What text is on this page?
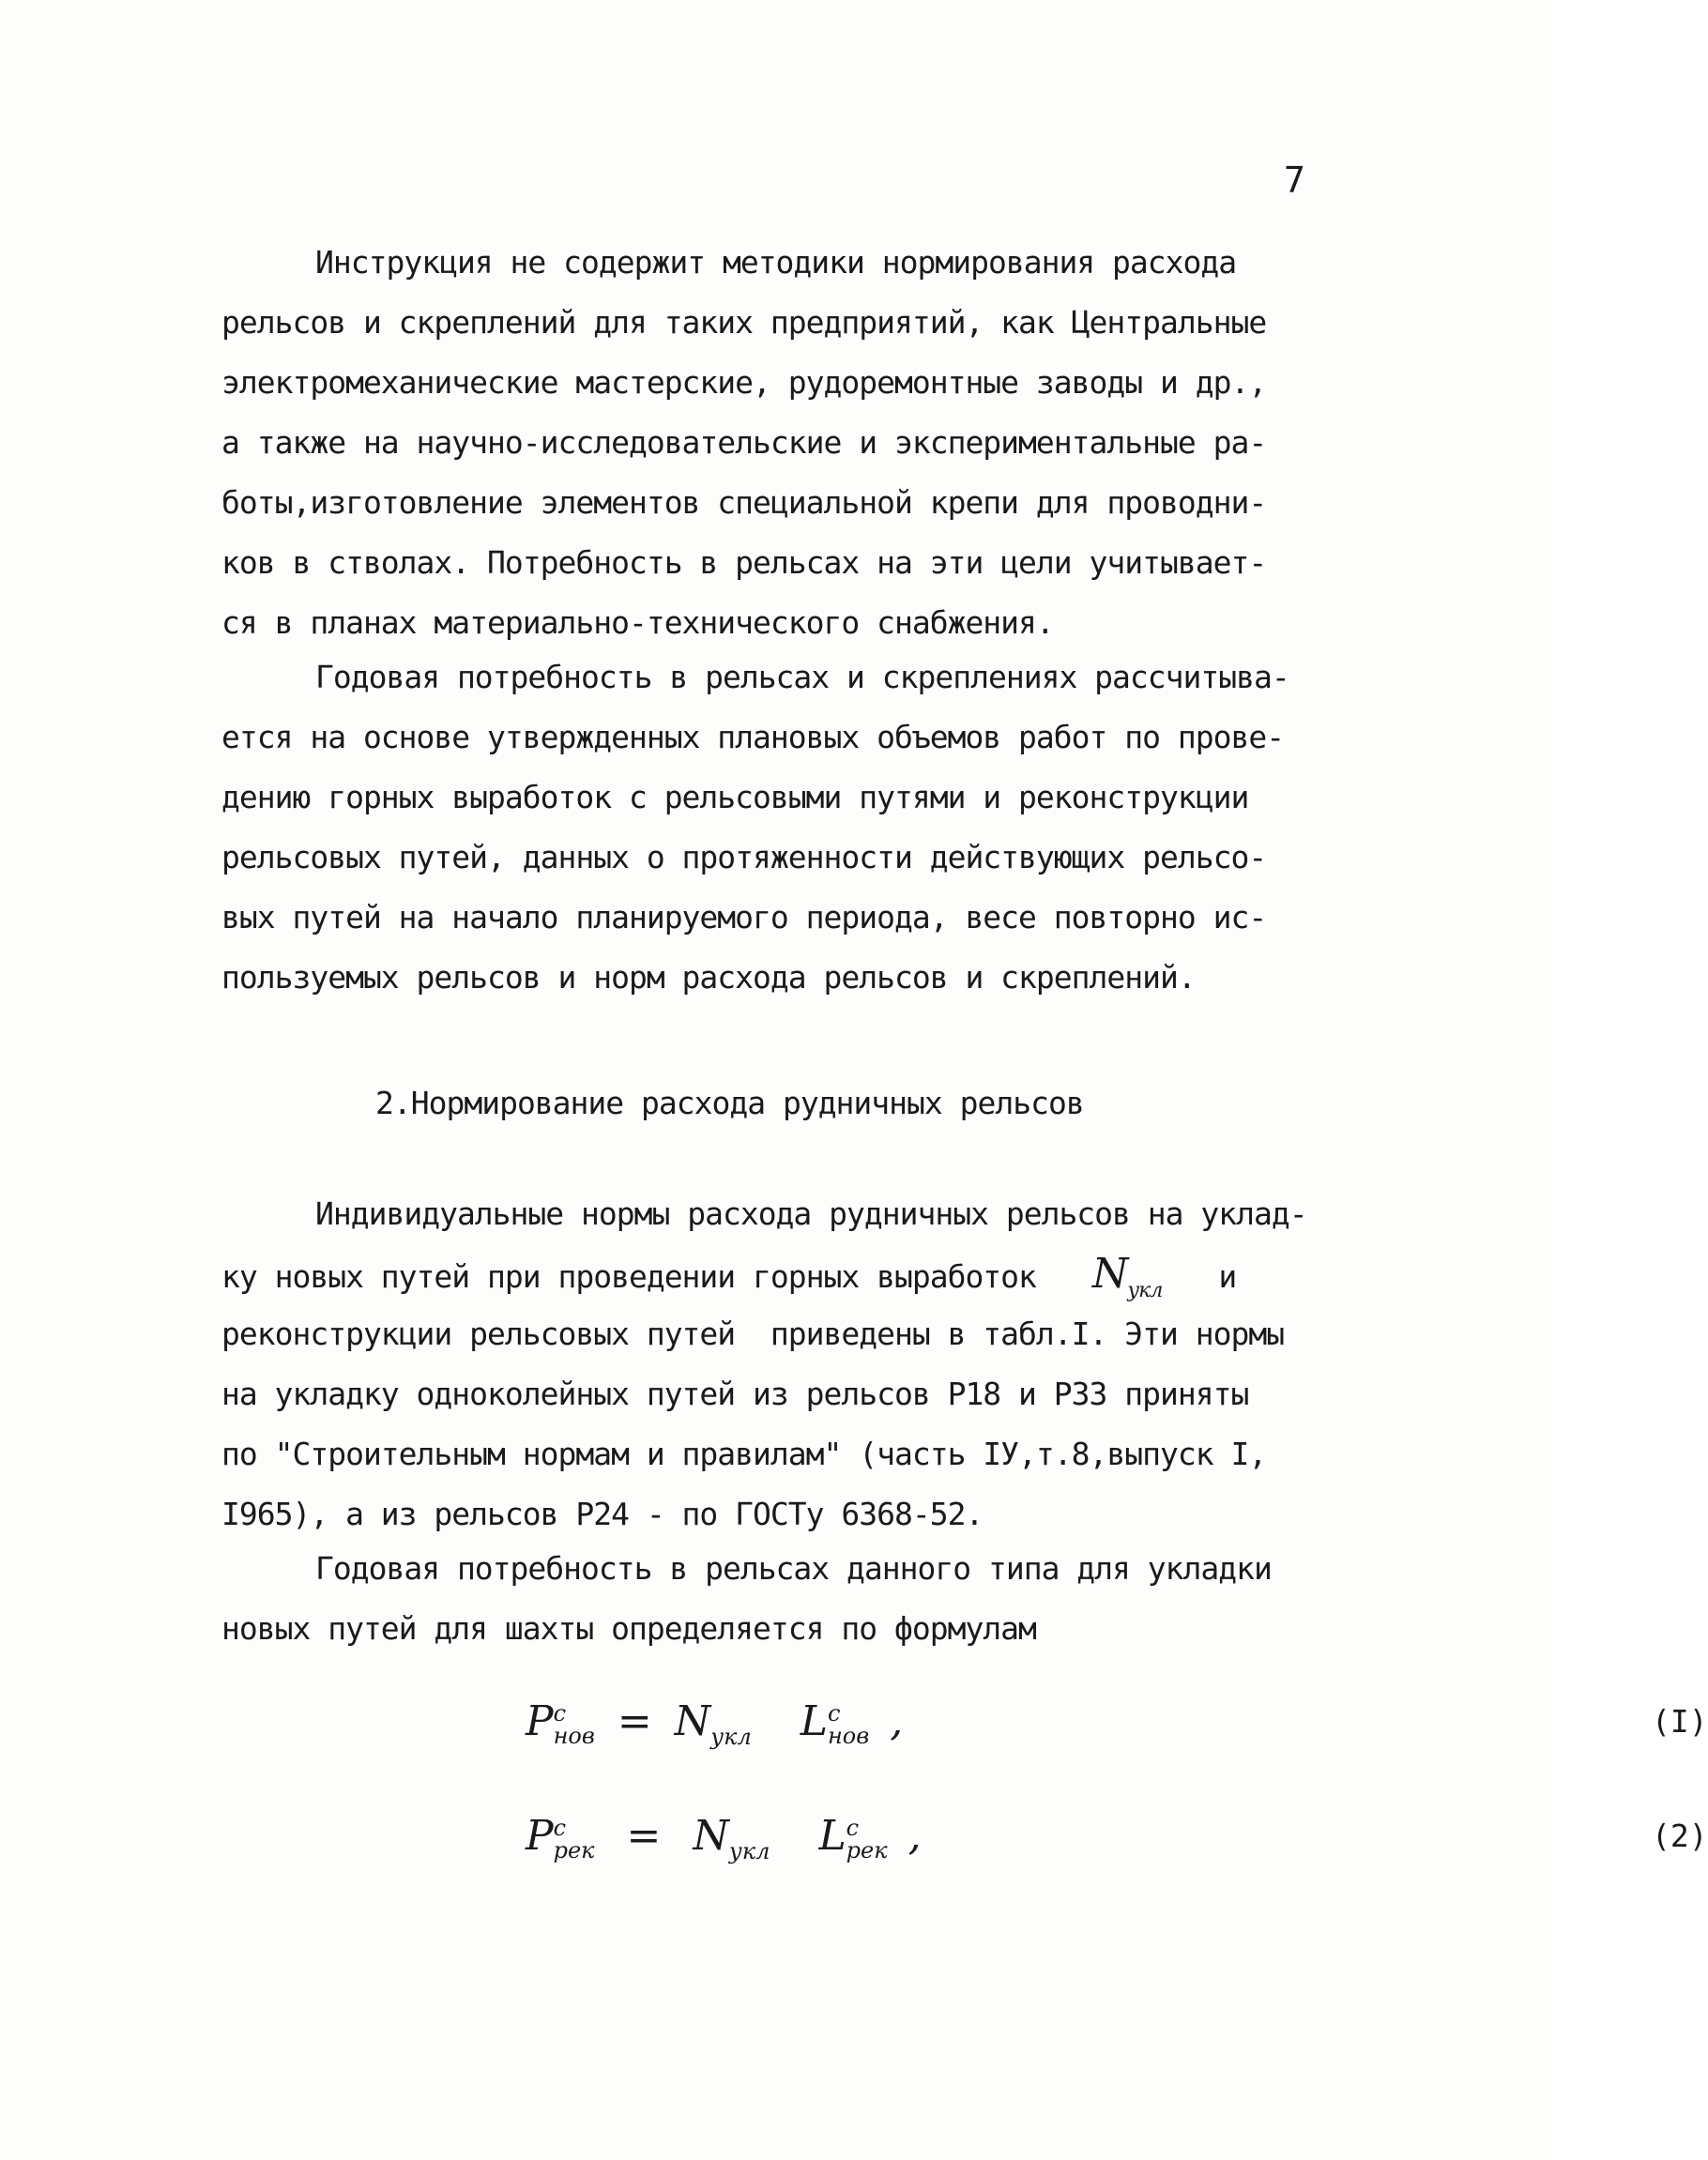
7
Инструкция не содержит методики нормирования расхода
рельсов и скреплений для таких предприятий, как Центральные
электромеханические мастерские, рудоремонтные заводы и др.,
а также на научно-исследовательские и экспериментальные ра-
боты,изготовление элементов специальной крепи для проводни-
ков в стволах. Потребность в рельсах на эти цели учитывает-
ся в планах материально-технического снабжения.
Годовая потребность в рельсах и скреплениях рассчитыва-
ется на основе утвержденных плановых объемов работ по прове-
дению горных выработок с рельсовыми путями и реконструкции
рельсовых путей, данных о протяженности действующих рельсо-
вых путей на начало планируемого периода, весе повторно ис-
пользуемых рельсов и норм расхода рельсов и скреплений.
2.Нормирование расхода рудничных рельсов
Индивидуальные нормы расхода рудничных рельсов на уклад-
ку новых путей при проведении горных выработок $N_{укл}$ и
реконструкции рельсовых путей  приведены в табл.I. Эти нормы
на укладку одноколейных путей из рельсов Р18 и Р33 приняты
по "Строительным нормам и правилам" (часть IУ,т.8,выпуск I,
I965), а из рельсов Р24 - по ГОСТу 6368-52.
Годовая потребность в рельсах данного типа для укладки
новых путей для шахты определяется по формулам
P c
нов = $N_{укл}$ L c
нов ,	(I)
P c
рек = $N_{укл}$ L c
рек ,	(2)
